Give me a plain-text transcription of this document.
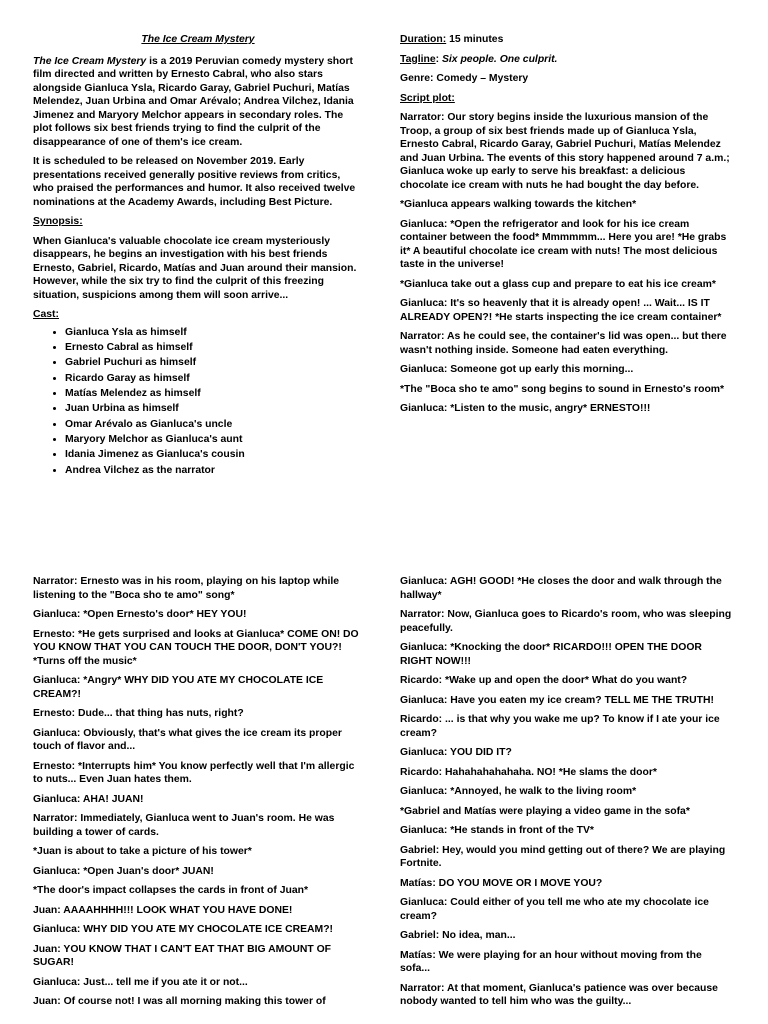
The Ice Cream Mystery

The Ice Cream Mystery is a 2019 Peruvian comedy mystery short film directed and written by Ernesto Cabral, who also stars alongside Gianluca Ysla, Ricardo Garay, Gabriel Puchuri, Matías Melendez, Juan Urbina and Omar Arévalo; Andrea Vilchez, Idania Jimenez and Maryory Melchor appears in secondary roles. The plot follows six best friends trying to find the culprit of the disappearance of one of them's ice cream.

It is scheduled to be released on November 2019. Early presentations received generally positive reviews from critics, who praised the performances and humor. It also received twelve nominations at the Academy Awards, including Best Picture.

Synopsis:

When Gianluca's valuable chocolate ice cream mysteriously disappears, he begins an investigation with his best friends Ernesto, Gabriel, Ricardo, Matías and Juan around their mansion. However, while the six try to find the culprit of this freezing situation, suspicions among them will soon arrive...

Cast:

• Gianluca Ysla as himself
• Ernesto Cabral as himself
• Gabriel Puchuri as himself
• Ricardo Garay as himself
• Matías Melendez as himself
• Juan Urbina as himself
• Omar Arévalo as Gianluca's uncle
• Maryory Melchor as Gianluca's aunt
• Idania Jimenez as Gianluca's cousin
• Andrea Vilchez as the narrator

Duration: 15 minutes

Tagline: Six people. One culprit.

Genre: Comedy – Mystery

Script plot:

Narrator: Our story begins inside the luxurious mansion of the Troop, a group of six best friends made up of Gianluca Ysla, Ernesto Cabral, Ricardo Garay, Gabriel Puchuri, Matías Melendez and Juan Urbina. The events of this story happened around 7 a.m.; Gianluca woke up early to serve his breakfast: a delicious chocolate ice cream with nuts he had bought the day before.

*Gianluca appears walking towards the kitchen*

Gianluca: *Open the refrigerator and look for his ice cream container between the food* Mmmmmm... Here you are! *He grabs it* A beautiful chocolate ice cream with nuts! The most delicious taste in the universe!

*Gianluca take out a glass cup and prepare to eat his ice cream*

Gianluca: It's so heavenly that it is already open! ... Wait... IS IT ALREADY OPEN?! *He starts inspecting the ice cream container*

Narrator: As he could see, the container's lid was open... but there wasn't nothing inside. Someone had eaten everything.

Gianluca: Someone got up early this morning...

*The "Boca sho te amo" song begins to sound in Ernesto's room*

Gianluca: *Listen to the music, angry* ERNESTO!!!

Narrator: Ernesto was in his room, playing on his laptop while listening to the "Boca sho te amo" song*

Gianluca: *Open Ernesto's door* HEY YOU!

Ernesto: *He gets surprised and looks at Gianluca* COME ON! DO YOU KNOW THAT YOU CAN TOUCH THE DOOR, DON'T YOU?! *Turns off the music*

Gianluca: *Angry* WHY DID YOU ATE MY CHOCOLATE ICE CREAM?!

Ernesto: Dude... that thing has nuts, right?

Gianluca: Obviously, that's what gives the ice cream its proper touch of flavor and...

Ernesto: *Interrupts him* You know perfectly well that I'm allergic to nuts... Even Juan hates them.

Gianluca: AHA! JUAN!

Narrator: Immediately, Gianluca went to Juan's room. He was building a tower of cards.

*Juan is about to take a picture of his tower*

Gianluca: *Open Juan's door* JUAN!

*The door's impact collapses the cards in front of Juan*

Juan: AAAAHHHH!!! LOOK WHAT YOU HAVE DONE!

Gianluca: WHY DID YOU ATE MY CHOCOLATE ICE CREAM?!

Juan: YOU KNOW THAT I CAN'T EAT THAT BIG AMOUNT OF SUGAR!

Gianluca: Just... tell me if you ate it or not...

Juan: Of course not! I was all morning making this tower of

Gianluca: AGH! GOOD! *He closes the door and walk through the hallway*

Narrator: Now, Gianluca goes to Ricardo's room, who was sleeping peacefully.

Gianluca: *Knocking the door* RICARDO!!! OPEN THE DOOR RIGHT NOW!!!

Ricardo: *Wake up and open the door* What do you want?

Gianluca: Have you eaten my ice cream? TELL ME THE TRUTH!

Ricardo: ... is that why you wake me up? To know if I ate your ice cream?

Gianluca: YOU DID IT?

Ricardo: Hahahahahahaha. NO! *He slams the door*

Gianluca: *Annoyed, he walk to the living room*

*Gabriel and Matías were playing a video game in the sofa*

Gianluca: *He stands in front of the TV*

Gabriel: Hey, would you mind getting out of there? We are playing Fortnite.

Matías: DO YOU MOVE OR I MOVE YOU?

Gianluca: Could either of you tell me who ate my chocolate ice cream?

Gabriel: No idea, man...

Matías: We were playing for an hour without moving from the sofa...

Narrator: At that moment, Gianluca's patience was over because nobody wanted to tell him who was the guilty...
